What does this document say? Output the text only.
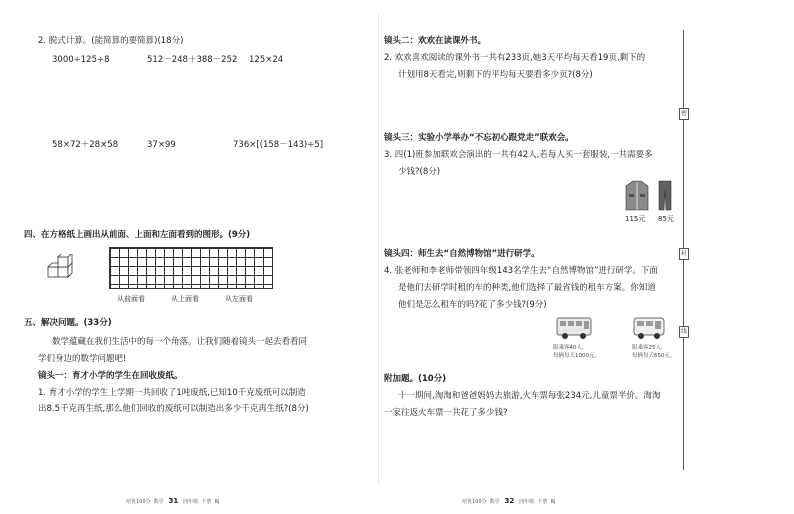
2. 脱式计算。(能简算的要简算)(18分)
3000÷125÷8	512－248＋388－252 125×24
58×72＋28×58	37×99	736×[(158－143)÷5]
四、在方格纸上画出从前面、上面和左面看到的图形。(9分)
从前面看	从上面看	从左面看
五、解决问题。(33分)
数学蕴藏在我们生活中的每一个角落。让我们随着镜头一起去看看同
学们身边的数学问题吧!
镜头一：育才小学的学生在回收废纸。
1. 育才小学的学生上学期一共回收了1吨废纸,已知10千克废纸可以制造
出8.5千克再生纸,那么他们回收的废纸可以制造出多少千克再生纸?(8分)
培优100分 数学 31 四年级 下册 RJ
镜头二：欢欢在读课外书。
2. 欢欢喜欢阅读的课外书一共有233页,她3天平均每天看19页,剩下的
计划用8天看完,则剩下的平均每天要看多少页?(8分)
镜头三：实验小学举办“不忘初心跟党走”联欢会。
3. 四(1)班参加联欢会演出的一共有42人,若每人买一套服装,一共需要多
少钱?(8分)
115元 85元
镜头四：师生去“自然博物馆”进行研学。
4. 张老师和李老师带领四年级143名学生去“自然博物馆”进行研学。下面
是他们去研学时租的车的种类,他们选择了最省钱的租车方案。你知道
他们是怎么租车的吗?花了多少钱?(9分)
限乘客40人,
每辆每天1000元。
限乘客25人,
每辆每天650元。
附加题。(10分)
十一期间,淘淘和爸爸妈妈去旅游,火车票每张234元,儿童票半价。淘淘
一家往返火车票一共花了多少钱?
密
封
线
培优100分 数学 32 四年级 下册 RJ
